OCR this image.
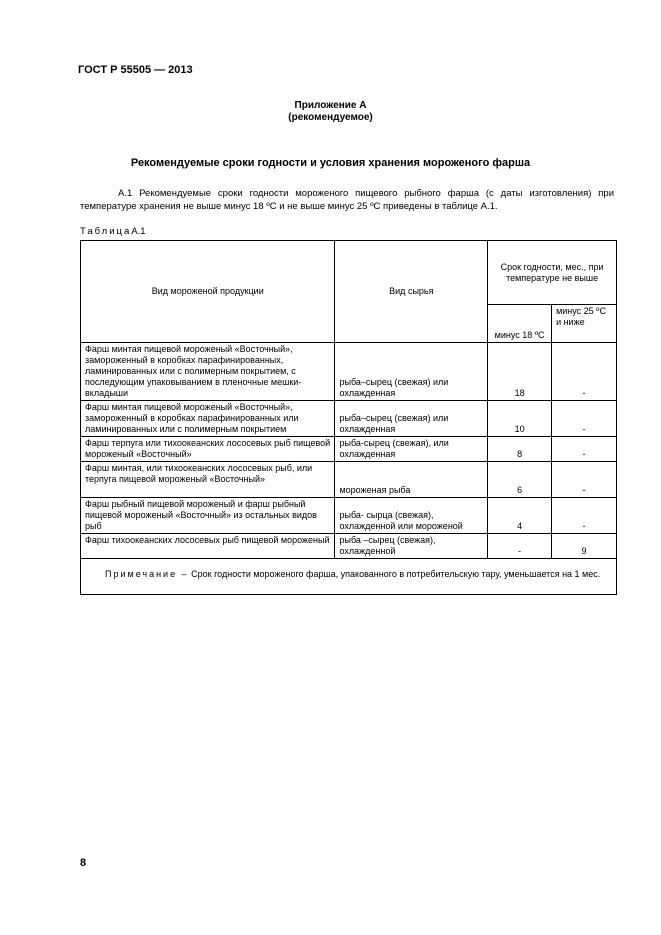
ГОСТ Р 55505 — 2013
Приложение А
(рекомендуемое)
Рекомендуемые сроки годности и условия хранения мороженого фарша
А.1 Рекомендуемые сроки годности мороженого пищевого рыбного фарша (с даты изготовления) при температуре хранения не выше минус 18 ºС и не выше минус 25 ºС приведены в таблице А.1.
ТаблицаА.1
Вид мороженой продукции	Вид сырья	Срок годности, мес., при температуре не выше	
		минус 18 ºС	минус 25 ºС и ниже
Фарш минтая пищевой мороженый «Восточный», замороженный в коробках парафинированных, ламинированных или с полимерным покрытием, с последующим упаковыванием в пленочные мешки-вкладыши	рыба–сырец (свежая) или охлажденная	18	-
Фарш минтая пищевой мороженый «Восточный», замороженный в коробках парафинированных или ламинированных или с полимерным покрытием	рыба–сырец (свежая) или охлажденная	10	-
Фарш терпуга или тихоокеанских лососевых рыб пищевой мороженый «Восточный»	рыба-сырец (свежая), или охлажденная	8	-
Фарш минтая, или тихоокеанских лососевых рыб, или терпуга пищевой мороженый «Восточный»	мороженая рыба	6	-
Фарш рыбный пищевой мороженый и фарш рыбный пищевой мороженый «Восточный» из остальных видов рыб	рыба- сырца (свежая), охлажденной или мороженой	4	-
Фарш тихоокеанских лососевых рыб пищевой мороженый	рыба –сырец (свежая), охлажденной	-	9
Примечание – Срок годности мороженого фарша, упакованного в потребительскую тару, уменьшается на 1 мес.			
8
